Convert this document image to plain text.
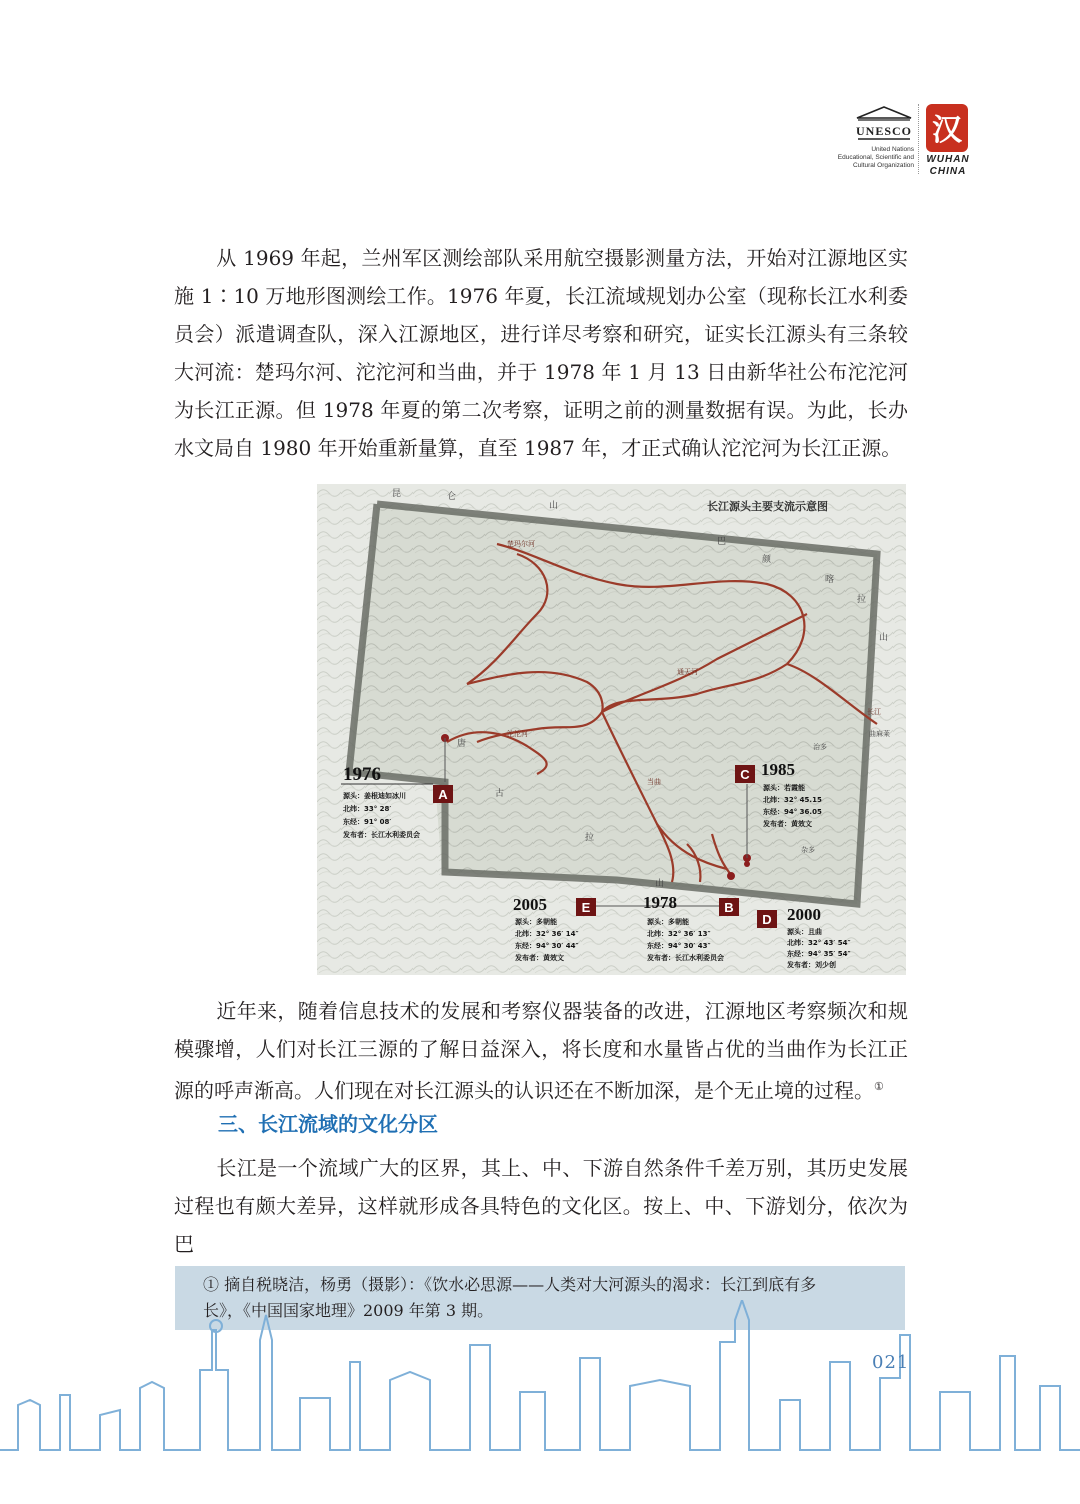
UNESCO
United Nations
Educational, Scientific and
Cultural Organization
汉
WUHAN
CHINA

从 1969 年起，兰州军区测绘部队采用航空摄影测量方法，开始对江源地区实施 1∶10 万地形图测绘工作。1976 年夏，长江流域规划办公室（现称长江水利委员会）派遣调查队，深入江源地区，进行详尽考察和研究，证实长江源头有三条较大河流：楚玛尔河、沱沱河和当曲，并于 1978 年 1 月 13 日由新华社公布沱沱河为长江正源。但 1978 年夏的第二次考察，证明之前的测量数据有误。为此，长办水文局自 1980 年开始重新量算，直至 1987 年，才正式确认沱沱河为长江正源。

长江源头主要支流示意图
昆	仑
山
巴
颜
喀
拉
山
唐
古
拉
山
曲麻莱
治多
杂多
通天河
楚玛尔河
沱沱河
当曲
长江
A
1976
源头：姜根迪如冰川
北纬：33° 28′
东经：91° 08′
发布者：长江水利委员会
C 1985
源头：若霞能
北纬：32° 45.15
东经：94° 36.05
发布者：黄效文
E
2005
源头：多朝能
北纬：32° 36′ 14″
东经：94° 30′ 44″
发布者：黄效文
B
1978
源头：多朝能
北纬：32° 36′ 13″
东经：94° 30′ 43″
发布者：长江水利委员会
D 2000
源头：且曲
北纬：32° 43′ 54″
东经：94° 35′ 54″
发布者：刘少创

近年来，随着信息技术的发展和考察仪器装备的改进，江源地区考察频次和规模骤增，人们对长江三源的了解日益深入，将长度和水量皆占优的当曲作为长江正源的呼声渐高。人们现在对长江源头的认识还在不断加深，是个无止境的过程。①

三、长江流域的文化分区

长江是一个流域广大的区界，其上、中、下游自然条件千差万别，其历史发展过程也有颇大差异，这样就形成各具特色的文化区。按上、中、下游划分，依次为巴

① 摘自税晓洁，杨勇（摄影）：《饮水必思源——人类对大河源头的渴求：长江到底有多
长》，《中国国家地理》2009 年第 3 期。
021
